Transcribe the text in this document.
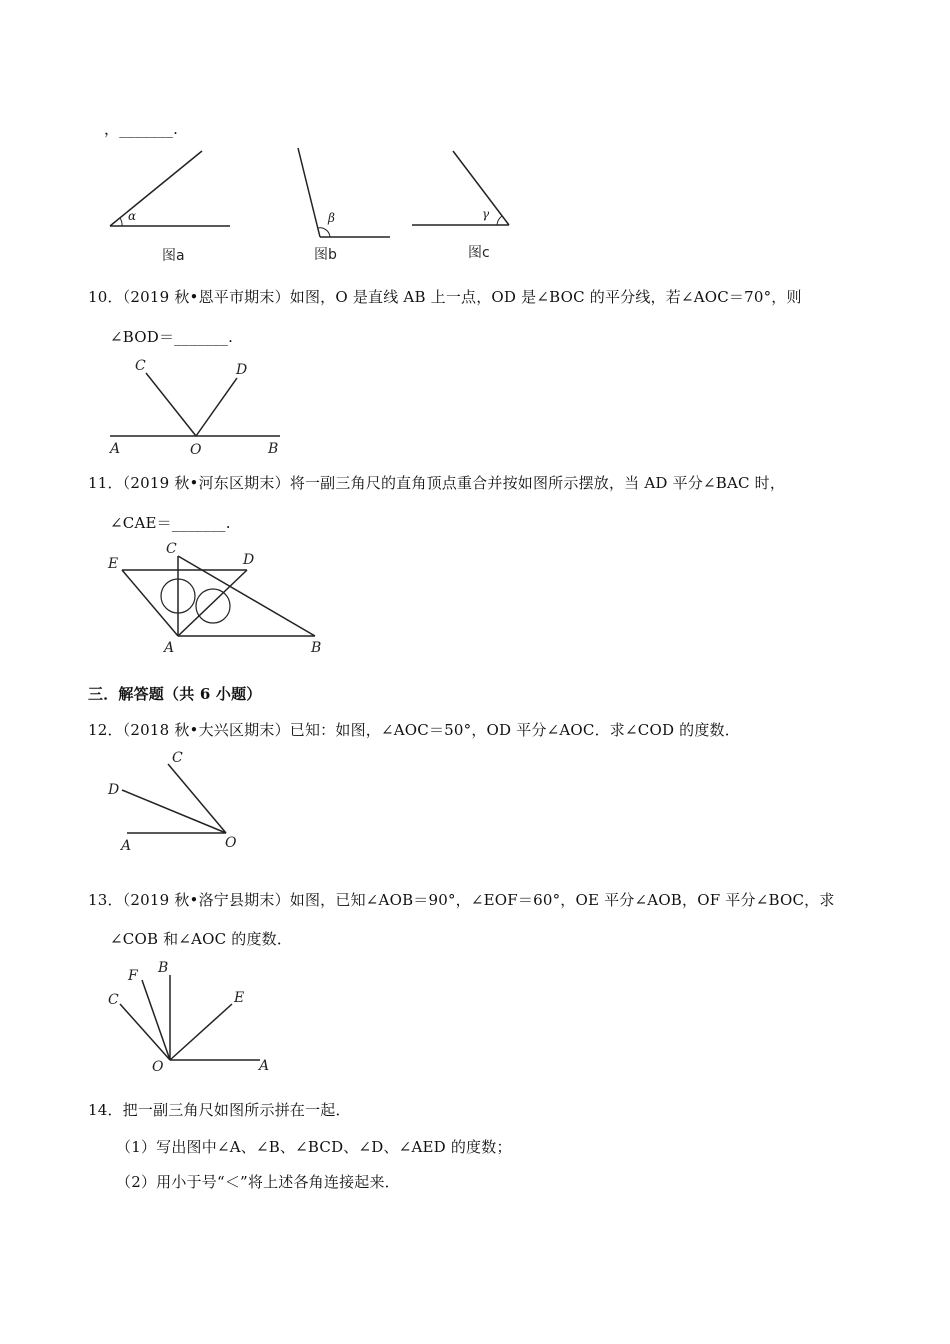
，_______.
α
图a
β
图b
γ
图c
10．（2019 秋•恩平市期末）如图，O 是直线 AB 上一点，OD 是∠BOC 的平分线，若∠AOC＝70°，则
∠BOD＝_______.
C	D
A	O	B
11．（2019 秋•河东区期末）将一副三角尺的直角顶点重合并按如图所示摆放，当 AD 平分∠BAC 时，
∠CAE＝_______.
E
C
D
A	B
三．解答题（共 6 小题）
12．（2018 秋•大兴区期末）已知：如图，∠AOC＝50°，OD 平分∠AOC．求∠COD 的度数．
C
D
A	O
13．（2019 秋•洛宁县期末）如图，已知∠AOB＝90°，∠EOF＝60°，OE 平分∠AOB，OF 平分∠BOC，求
∠COB 和∠AOC 的度数．
C
F B
E
O	A
14．把一副三角尺如图所示拼在一起．
（1）写出图中∠A、∠B、∠BCD、∠D、∠AED 的度数；
（2）用小于号“＜”将上述各角连接起来．
